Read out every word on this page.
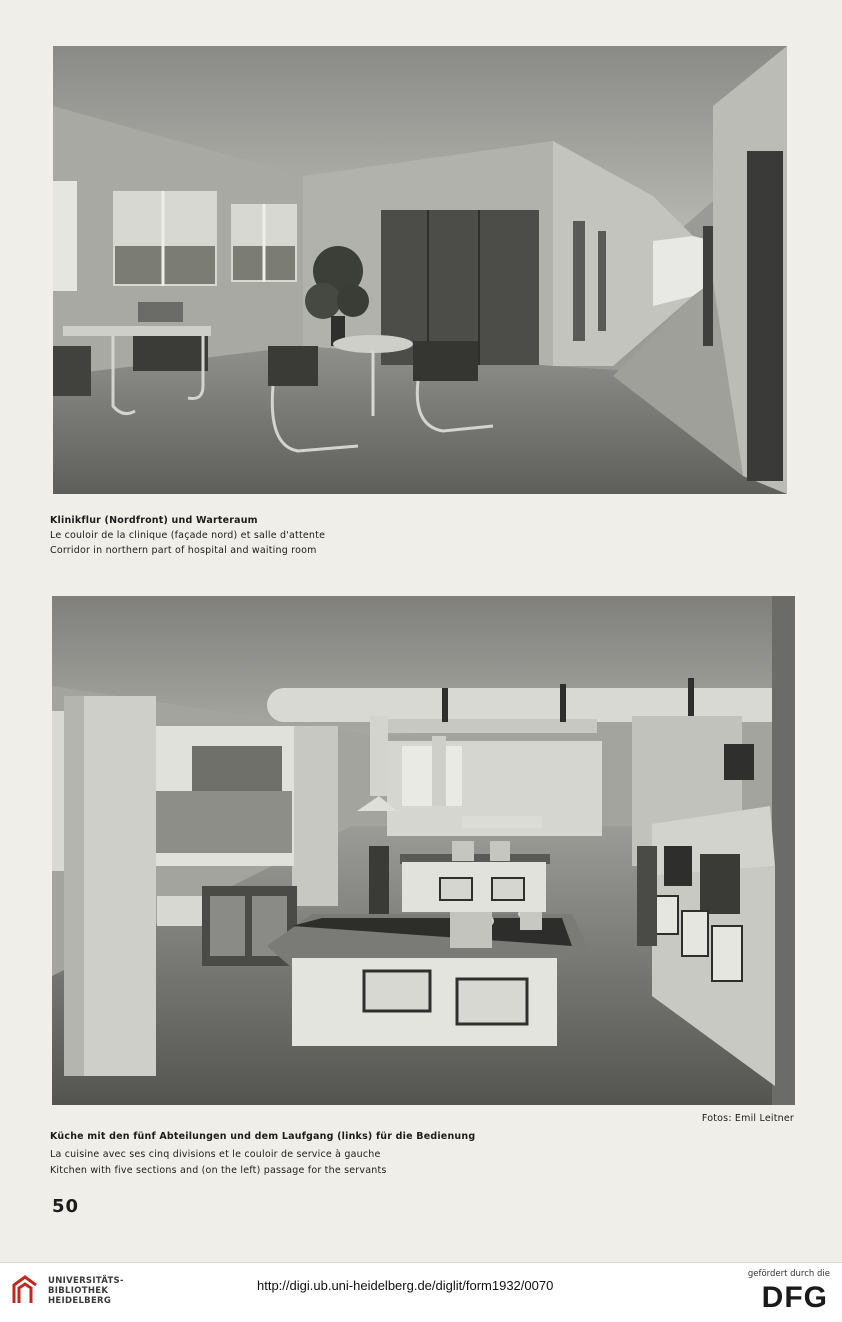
Klinikflur (Nordfront) und Warteraum
Le couloir de la clinique (façade nord) et salle d'attente
Corridor in northern part of hospital and waiting room
Fotos: Emil Leitner
Küche mit den fünf Abteilungen und dem Laufgang (links) für die Bedienung
La cuisine avec ses cinq divisions et le couloir de service à gauche
Kitchen with five sections and (on the left) passage for the servants
50
UNIVERSITÄTS-
BIBLIOTHEK
HEIDELBERG
http://digi.ub.uni-heidelberg.de/diglit/form1932/0070
gefördert durch die
DFG
